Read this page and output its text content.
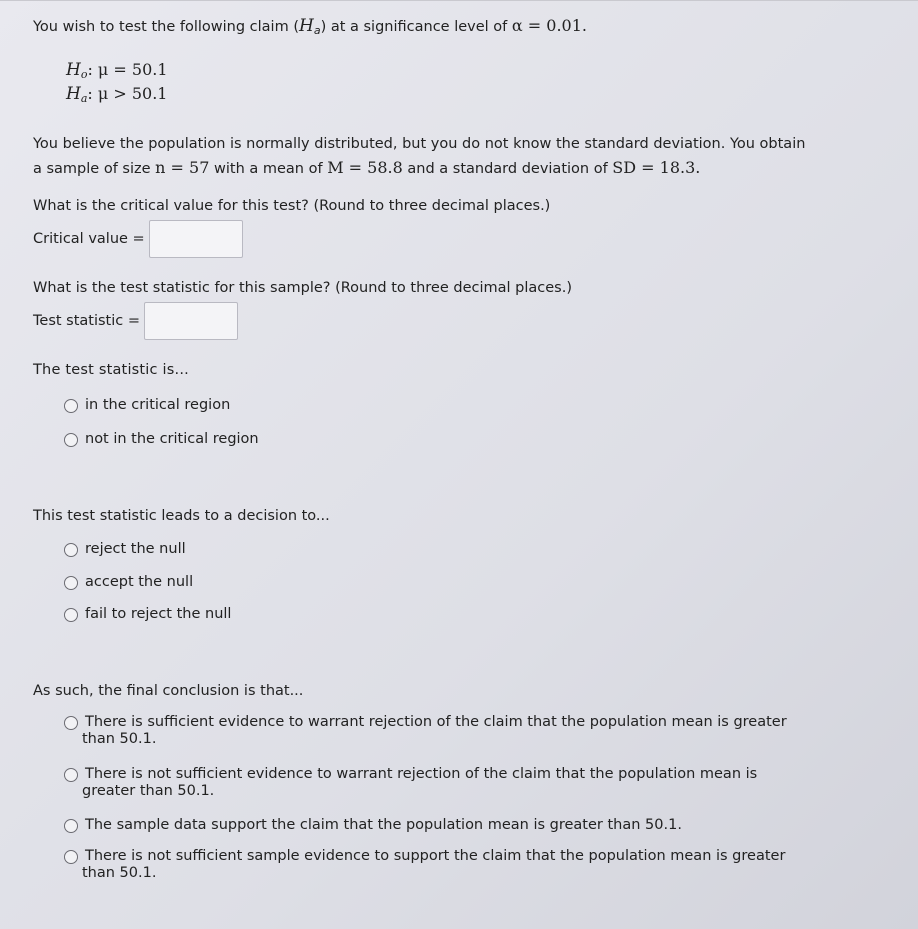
You wish to test the following claim $(H_a)$ at a significance level of α = 0.01.
$H_o$: μ = 50.1
$H_a$: μ > 50.1
You believe the population is normally distributed, but you do not know the standard deviation. You obtain
a sample of size n = 57 with a mean of M = 58.8 and a standard deviation of SD = 18.3.
What is the critical value for this test? (Round to three decimal places.)
Critical value =
What is the test statistic for this sample? (Round to three decimal places.)
Test statistic =
The test statistic is...
in the critical region
not in the critical region
This test statistic leads to a decision to...
reject the null
accept the null
fail to reject the null
As such, the final conclusion is that...
There is sufficient evidence to warrant rejection of the claim that the population mean is greater
than 50.1.
There is not sufficient evidence to warrant rejection of the claim that the population mean is
greater than 50.1.
The sample data support the claim that the population mean is greater than 50.1.
There is not sufficient sample evidence to support the claim that the population mean is greater
than 50.1.
